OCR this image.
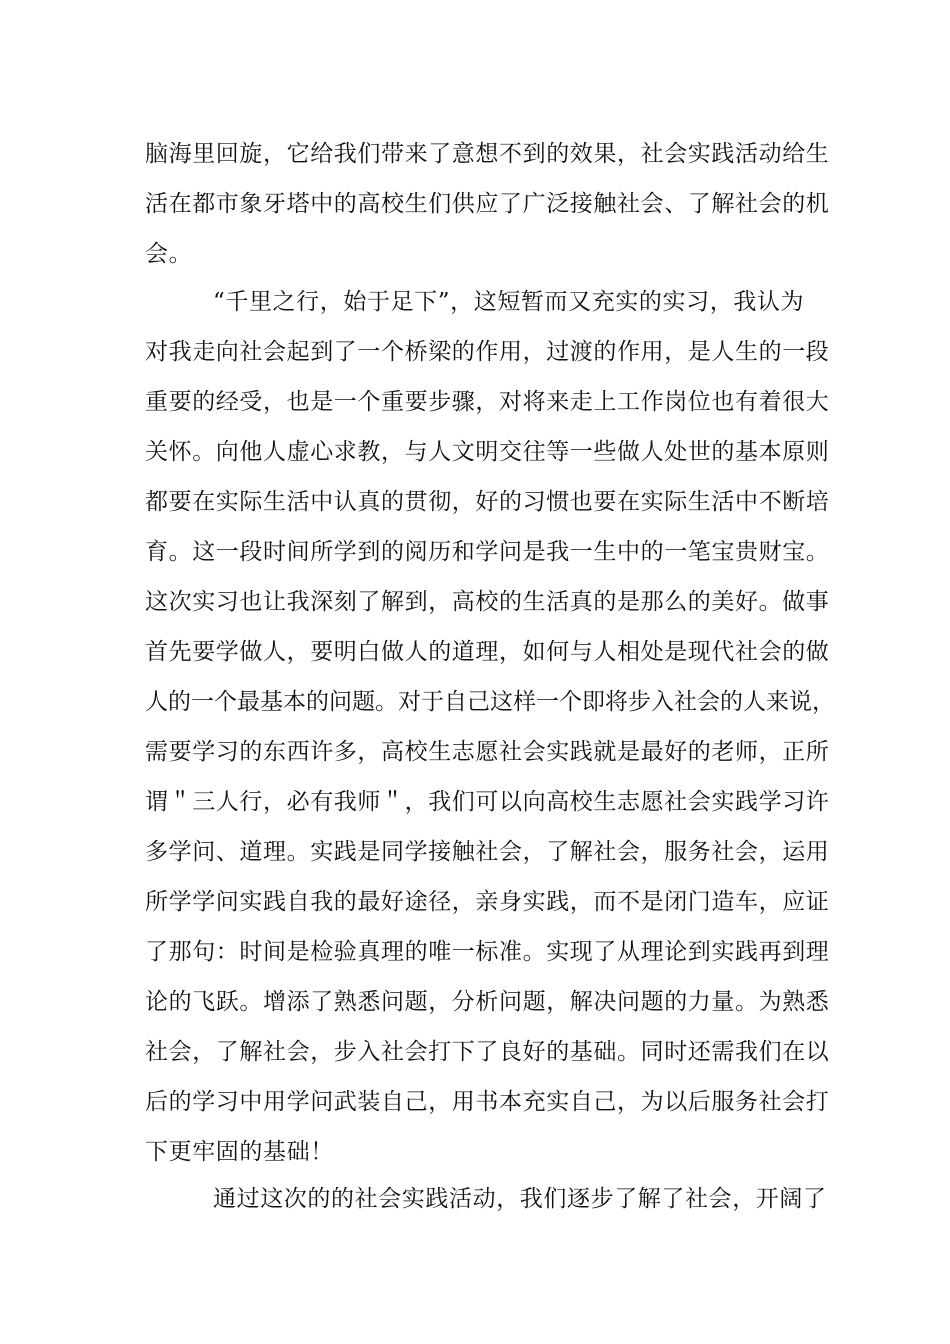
脑海里回旋，它给我们带来了意想不到的效果，社会实践活动给生
活在都市象牙塔中的高校生们供应了广泛接触社会、了解社会的机
会。
“千里之行，始于足下”，这短暂而又充实的实习，我认为
对我走向社会起到了一个桥梁的作用，过渡的作用，是人生的一段
重要的经受，也是一个重要步骤，对将来走上工作岗位也有着很大
关怀。向他人虚心求教，与人文明交往等一些做人处世的基本原则
都要在实际生活中认真的贯彻，好的习惯也要在实际生活中不断培
育。这一段时间所学到的阅历和学问是我一生中的一笔宝贵财宝。
这次实习也让我深刻了解到，高校的生活真的是那么的美好。做事
首先要学做人，要明白做人的道理，如何与人相处是现代社会的做
人的一个最基本的问题。对于自己这样一个即将步入社会的人来说，
需要学习的东西许多，高校生志愿社会实践就是最好的老师，正所
谓＂三人行，必有我师＂，我们可以向高校生志愿社会实践学习许
多学问、道理。实践是同学接触社会，了解社会，服务社会，运用
所学学问实践自我的最好途径，亲身实践，而不是闭门造车，应证
了那句：时间是检验真理的唯一标准。实现了从理论到实践再到理
论的飞跃。增添了熟悉问题，分析问题，解决问题的力量。为熟悉
社会，了解社会，步入社会打下了良好的基础。同时还需我们在以
后的学习中用学问武装自己，用书本充实自己，为以后服务社会打
下更牢固的基础！
通过这次的的社会实践活动，我们逐步了解了社会，开阔了
